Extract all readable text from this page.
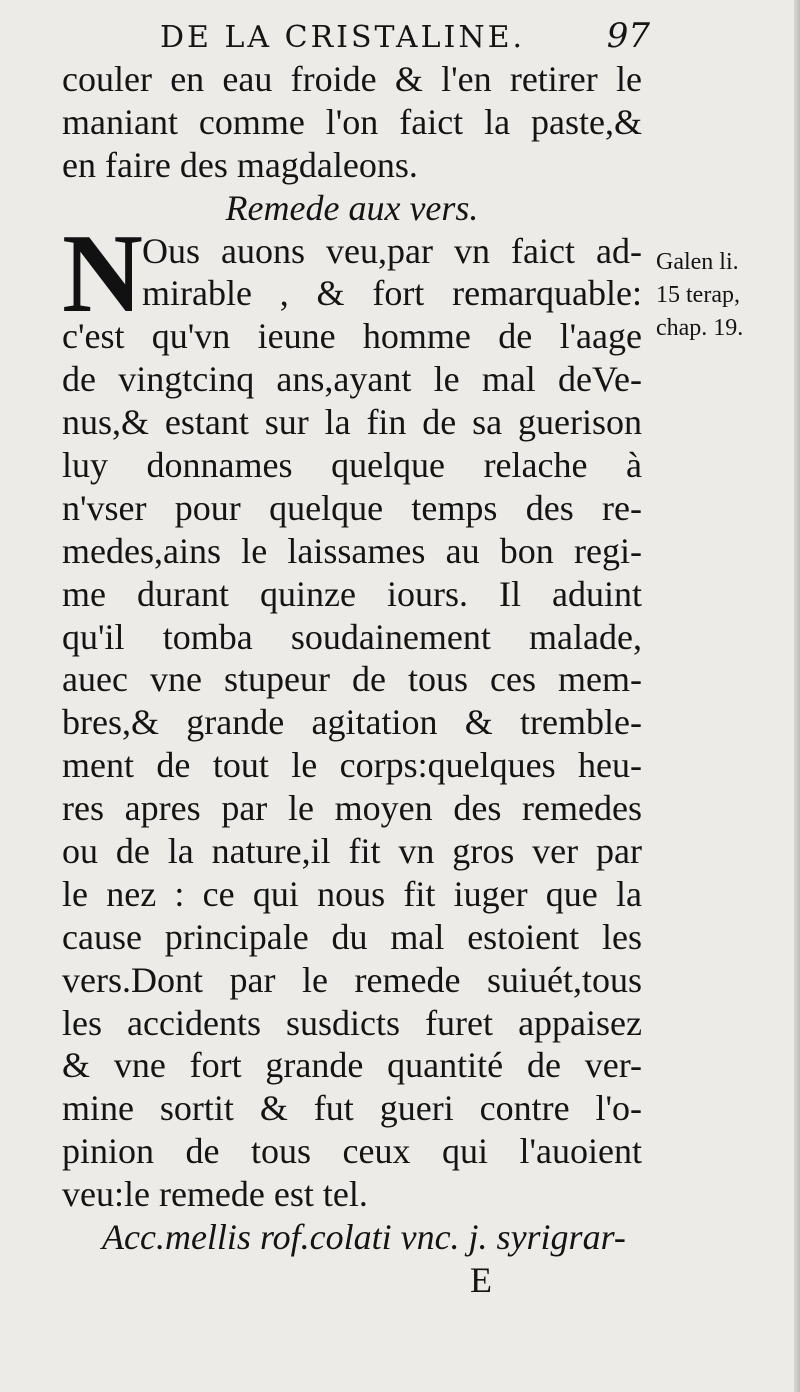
DE LA CRISTALINE. 97
N
couler en eau froide & l'en retirer le
maniant comme l'on faict la paste,&
en faire des magdaleons.
Remede aux vers.
Ous auons veu,par vn faict ad-
mirable , & fort remarquable:
c'est qu'vn ieune homme de l'aage
de vingtcinq ans,ayant le mal deVe-
nus,& estant sur la fin de sa guerison
luy donnames quelque relache à
n'vser pour quelque temps des re-
medes,ains le laissames au bon regi-
me durant quinze iours. Il aduint
qu'il tomba soudainement malade,
auec vne stupeur de tous ces mem-
bres,& grande agitation & tremble-
ment de tout le corps:quelques heu-
res apres par le moyen des remedes
ou de la nature,il fit vn gros ver par
le nez : ce qui nous fit iuger que la
cause principale du mal estoient les
vers.Dont par le remede suiuét,tous
les accidents susdicts furet appaisez
& vne fort grande quantité de ver-
mine sortit & fut gueri contre l'o-
pinion de tous ceux qui l'auoient
veu:le remede est tel.
Acc.mellis rof.colati vnc. j. syrigrar-
E
Galen li.
15 terap,
chap. 19.
